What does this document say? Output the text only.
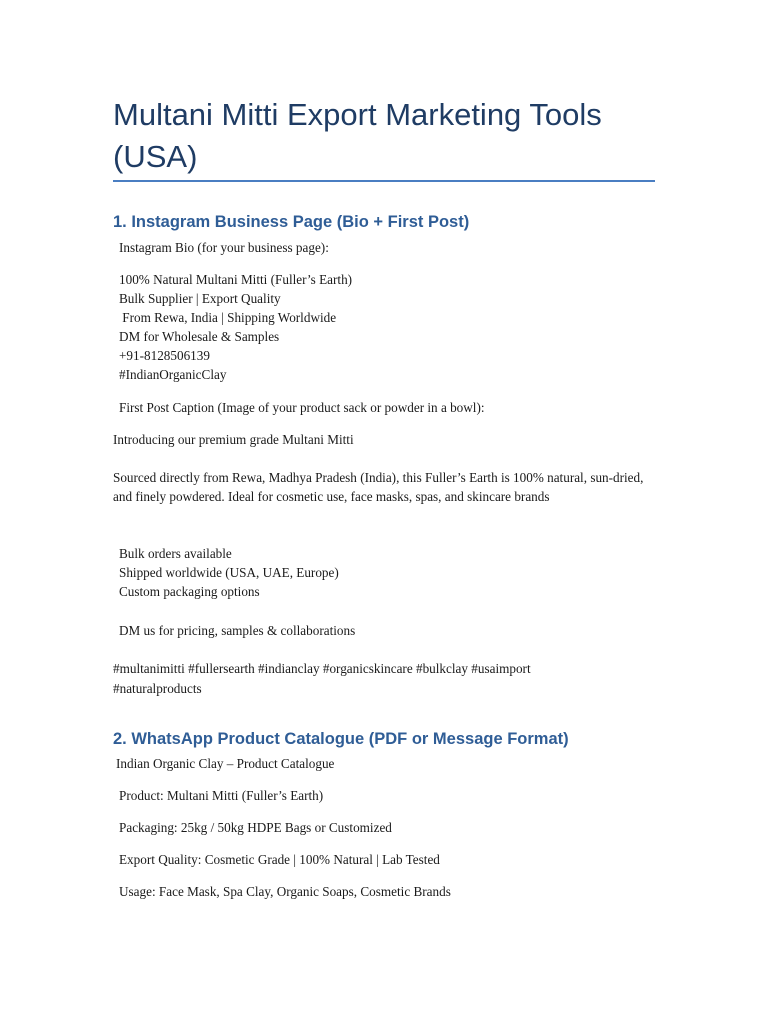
Multani Mitti Export Marketing Tools (USA)
1. Instagram Business Page (Bio + First Post)
Instagram Bio (for your business page):
100% Natural Multani Mitti (Fuller’s Earth)
Bulk Supplier | Export Quality
From Rewa, India | Shipping Worldwide
DM for Wholesale & Samples
+91-8128506139
#IndianOrganicClay
First Post Caption (Image of your product sack or powder in a bowl):
Introducing our premium grade Multani Mitti
Sourced directly from Rewa, Madhya Pradesh (India), this Fuller’s Earth is 100% natural, sun-dried, and finely powdered. Ideal for cosmetic use, face masks, spas, and skincare brands
Bulk orders available
Shipped worldwide (USA, UAE, Europe)
Custom packaging options
DM us for pricing, samples & collaborations
#multanimitti #fullersearth #indianclay #organicskincare #bulkclay #usaimport
#naturalproducts
2. WhatsApp Product Catalogue (PDF or Message Format)
Indian Organic Clay – Product Catalogue
Product: Multani Mitti (Fuller’s Earth)
Packaging: 25kg / 50kg HDPE Bags or Customized
Export Quality: Cosmetic Grade | 100% Natural | Lab Tested
Usage: Face Mask, Spa Clay, Organic Soaps, Cosmetic Brands
